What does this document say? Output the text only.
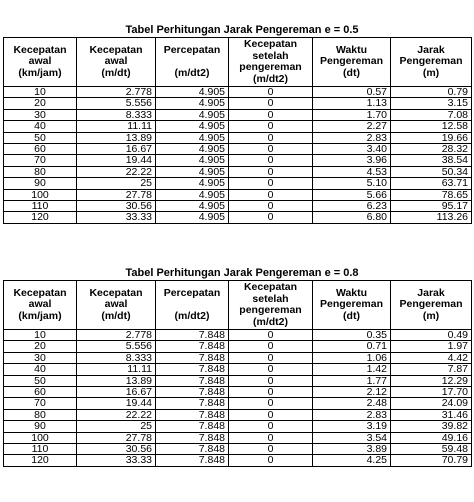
Tabel Perhitungan Jarak Pengereman e = 0.5
Kecepatan
awal
(km/jam)	Kecepatan
awal
(m/dt)	Percepatan
(m/dt2)	Kecepatan
setelah
pengereman
(m/dt2)	Waktu
Pengereman
(dt)	Jarak
Pengereman
(m)

10	2.778	4.905	0	0.57	0.79
20	5.556	4.905	0	1.13	3.15
30	8.333	4.905	0	1.70	7.08
40	11.11	4.905	0	2.27	12.58
50	13.89	4.905	0	2.83	19.66
60	16.67	4.905	0	3.40	28.32
70	19.44	4.905	0	3.96	38.54
80	22.22	4.905	0	4.53	50.34
90	25	4.905	0	5.10	63.71
100	27.78	4.905	0	5.66	78.65
110	30.56	4.905	0	6.23	95.17
120	33.33	4.905	0	6.80	113.26
Tabel Perhitungan Jarak Pengereman e = 0.8
Kecepatan
awal
(km/jam)	Kecepatan
awal
(m/dt)	Percepatan
(m/dt2)	Kecepatan
setelah
pengereman
(m/dt2)	Waktu
Pengereman
(dt)	Jarak
Pengereman
(m)

10	2.778	7.848	0	0.35	0.49
20	5.556	7.848	0	0.71	1.97
30	8.333	7.848	0	1.06	4.42
40	11.11	7.848	0	1.42	7.87
50	13.89	7.848	0	1.77	12.29
60	16.67	7.848	0	2.12	17.70
70	19.44	7.848	0	2.48	24.09
80	22.22	7.848	0	2.83	31.46
90	25	7.848	0	3.19	39.82
100	27.78	7.848	0	3.54	49.16
110	30.56	7.848	0	3.89	59.48
120	33.33	7.848	0	4.25	70.79
